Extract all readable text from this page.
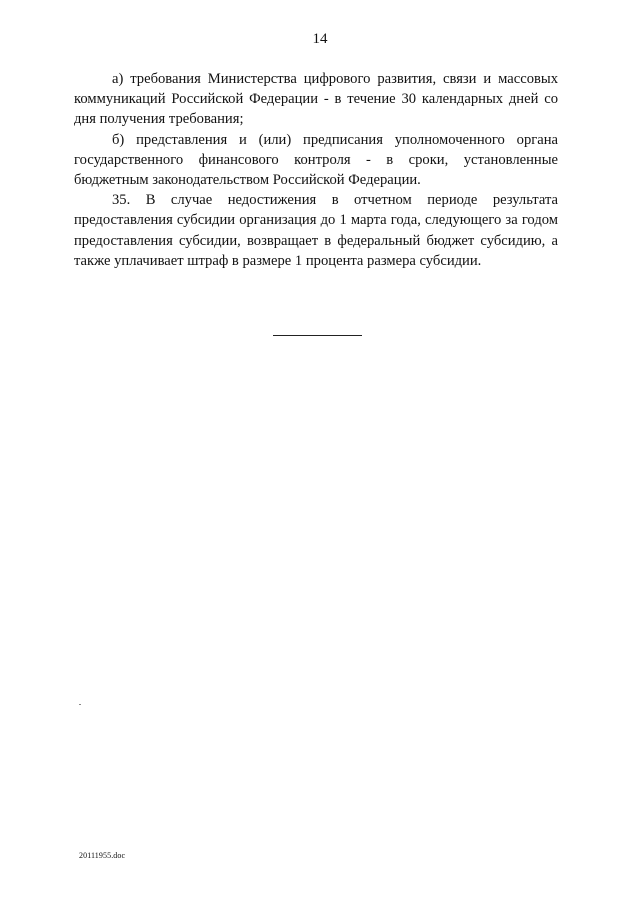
14

а) требования Министерства цифрового развития, связи и массовых коммуникаций Российской Федерации - в течение 30 календарных дней со дня получения требования;

б) представления и (или) предписания уполномоченного органа государственного финансового контроля - в сроки, установленные бюджетным законодательством Российской Федерации.

35. В случае недостижения в отчетном периоде результата предоставления субсидии организация до 1 марта года, следующего за годом предоставления субсидии, возвращает в федеральный бюджет субсидию, а также уплачивает штраф в размере 1 процента размера субсидии.

20111955.doc
